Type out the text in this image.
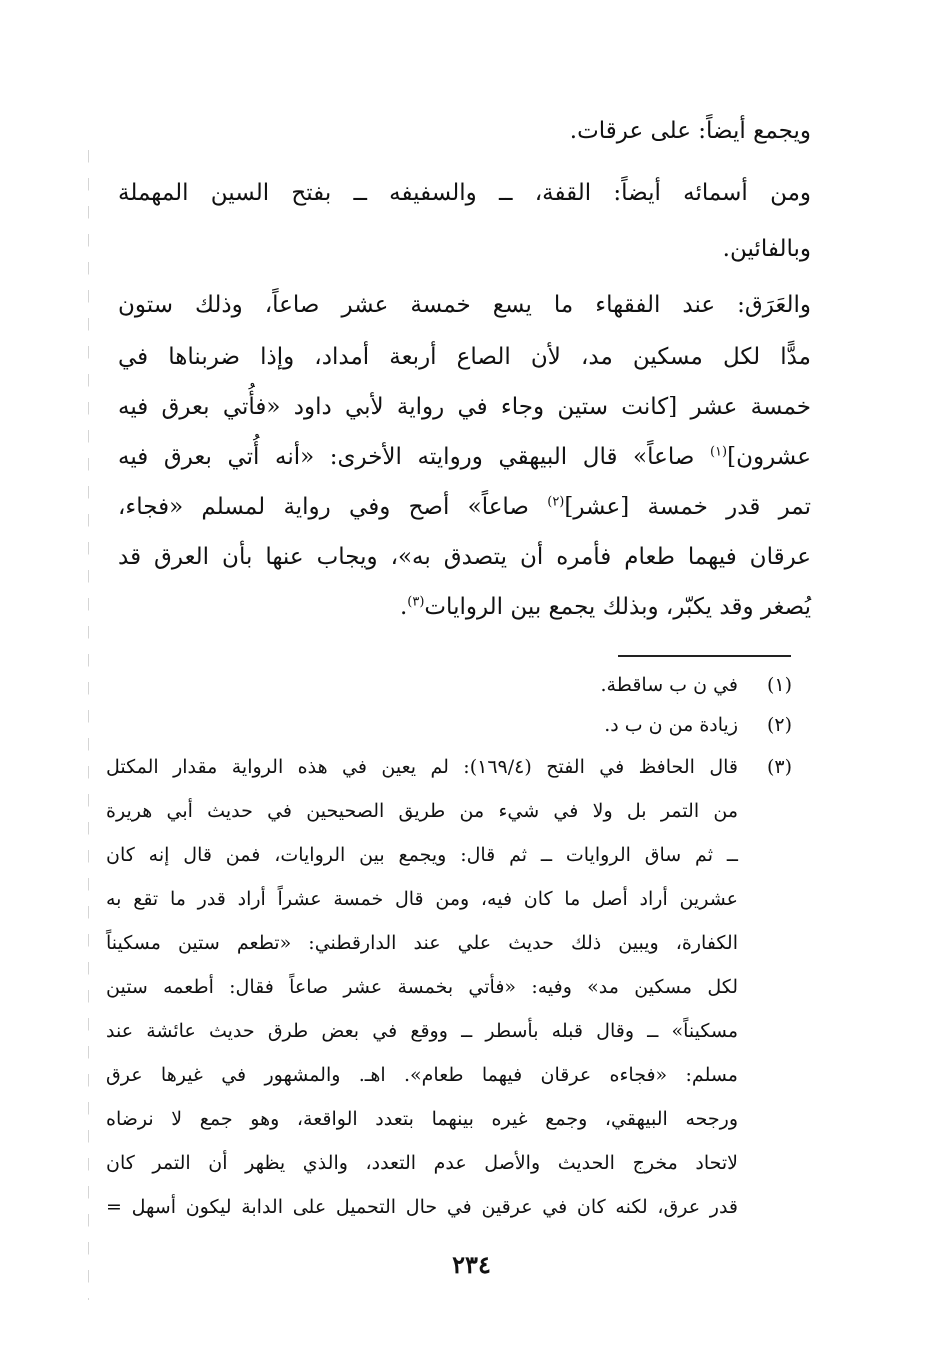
ويجمع أيضاً: على عرقات.
ومن أسمائه أيضاً: القفة، ــ والسفيفه ــ بفتح السين المهملة
وبالفائين.
والعَرَق: عند الفقهاء ما يسع خمسة عشر صاعاً، وذلك ستون
مدًّا لكل مسكين مد، لأن الصاع أربعة أمداد، وإذا ضربناها في
خمسة عشر [كانت ستين وجاء في رواية لأبي داود «فأُتي بعرق فيه
عشرون]$^{(١)}$ صاعاً» قال البيهقي وروايته الأخرى: «أنه أُتي بعرق فيه
تمر قدر خمسة [عشر]$^{(٢)}$ صاعاً» أصح وفي رواية لمسلم «فجاء،
عرقان فيهما طعام فأمره أن يتصدق به»، ويجاب عنها بأن العرق قد
يُصغر وقد يكبّر، وبذلك يجمع بين الروايات$^{(٣)}$.
(١)
في ن ب ساقطة.
(٢)
زيادة من ن ب د.
(٣)
قال الحافظ في الفتح (١٦٩/٤): لم يعين في هذه الرواية مقدار المكتل
من التمر بل ولا في شيء من طريق الصحيحين في حديث أبي هريرة
ــ ثم ساق الروايات ــ ثم قال: ويجمع بين الروايات، فمن قال إنه كان
عشرين أراد أصل ما كان فيه، ومن قال خمسة عشراً أراد قدر ما تقع به
الكفارة، ويبين ذلك حديث علي عند الدارقطني: «تطعم ستين مسكيناً
لكل مسكين مد» وفيه: «فأتي بخمسة عشر صاعاً فقال: أطعمه ستين
مسكيناً» ــ وقال قبله بأسطر ــ ووقع في بعض طرق حديث عائشة عند
مسلم: «فجاءه عرقان فيهما طعام». اهـ. والمشهور في غيرها عرق
ورجحه البيهقي، وجمع غيره بينهما بتعدد الواقعة، وهو جمع لا نرضاه
لاتحاد مخرج الحديث والأصل عدم التعدد، والذي يظهر أن التمر كان
قدر عرق، لكنه كان في عرقين في حال التحميل على الدابة ليكون أسهل =
٢٣٤
